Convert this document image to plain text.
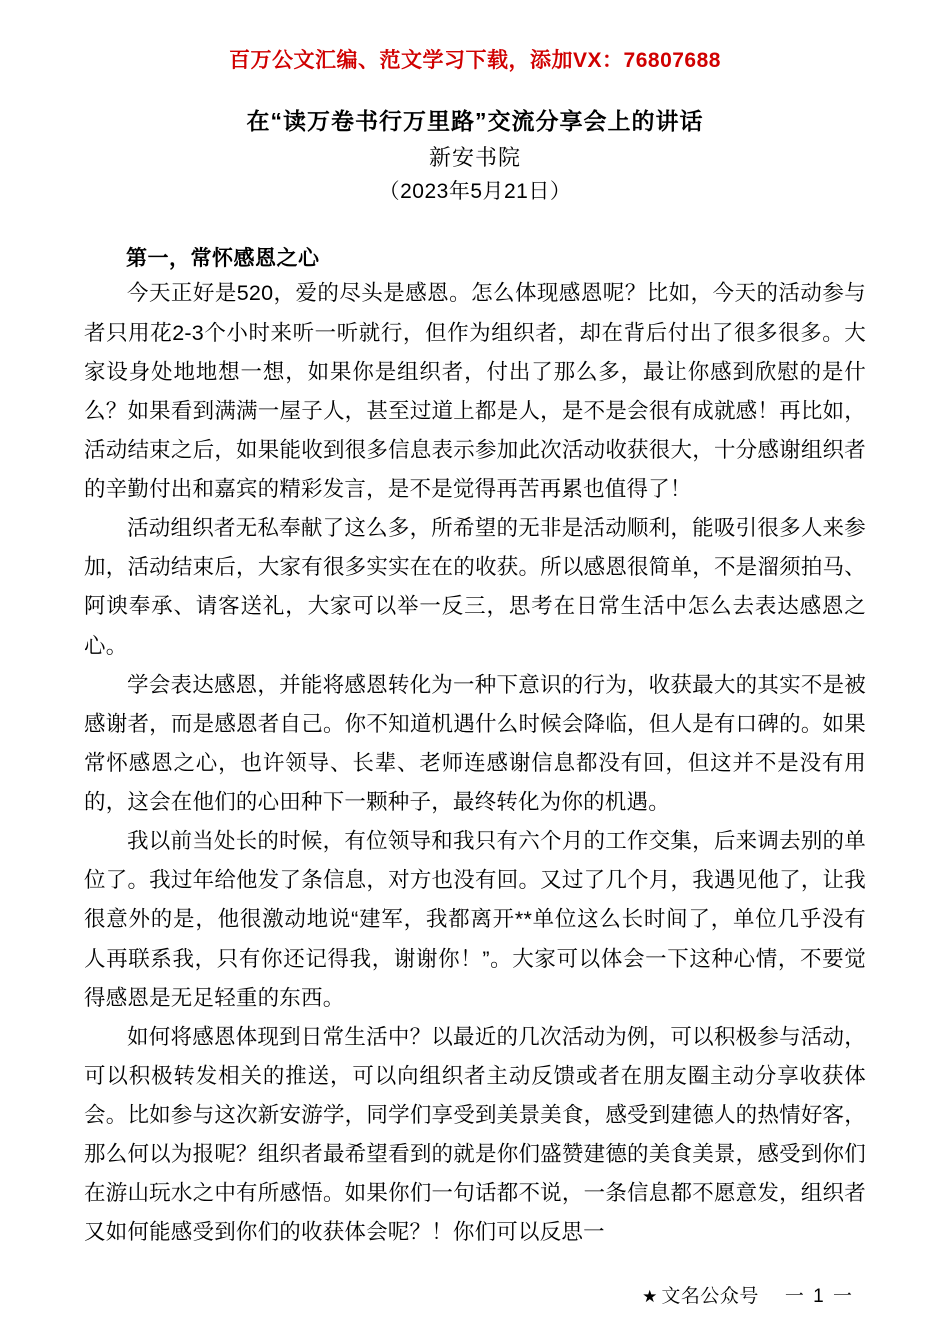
百万公文汇编、范文学习下载，添加VX：76807688
在“读万卷书行万里路”交流分享会上的讲话
新安书院
（2023年5月21日）
第一，常怀感恩之心

今天正好是520，爱的尽头是感恩。怎么体现感恩呢？比如，今天的活动参与者只用花2-3个小时来听一听就行，但作为组织者，却在背后付出了很多很多。大家设身处地地想一想，如果你是组织者，付出了那么多，最让你感到欣慰的是什么？如果看到满满一屋子人，甚至过道上都是人，是不是会很有成就感！再比如，活动结束之后，如果能收到很多信息表示参加此次活动收获很大，十分感谢组织者的辛勤付出和嘉宾的精彩发言，是不是觉得再苦再累也值得了！

活动组织者无私奉献了这么多，所希望的无非是活动顺利，能吸引很多人来参加，活动结束后，大家有很多实实在在的收获。所以感恩很简单，不是溜须拍马、阿谀奉承、请客送礼，大家可以举一反三，思考在日常生活中怎么去表达感恩之心。

学会表达感恩，并能将感恩转化为一种下意识的行为，收获最大的其实不是被感谢者，而是感恩者自己。你不知道机遇什么时候会降临，但人是有口碑的。如果常怀感恩之心，也许领导、长辈、老师连感谢信息都没有回，但这并不是没有用的，这会在他们的心田种下一颗种子，最终转化为你的机遇。

我以前当处长的时候，有位领导和我只有六个月的工作交集，后来调去别的单位了。我过年给他发了条信息，对方也没有回。又过了几个月，我遇见他了，让我很意外的是，他很激动地说“建军，我都离开**单位这么长时间了，单位几乎没有人再联系我，只有你还记得我，谢谢你！”。大家可以体会一下这种心情，不要觉得感恩是无足轻重的东西。

如何将感恩体现到日常生活中？以最近的几次活动为例，可以积极参与活动，可以积极转发相关的推送，可以向组织者主动反馈或者在朋友圈主动分享收获体会。比如参与这次新安游学，同学们享受到美景美食，感受到建德人的热情好客，那么何以为报呢？组织者最希望看到的就是你们盛赞建德的美食美景，感受到你们在游山玩水之中有所感悟。如果你们一句话都不说，一条信息都不愿意发，组织者又如何能感受到你们的收获体会呢？！你们可以反思一

★ 文名公众号 一 1 一
